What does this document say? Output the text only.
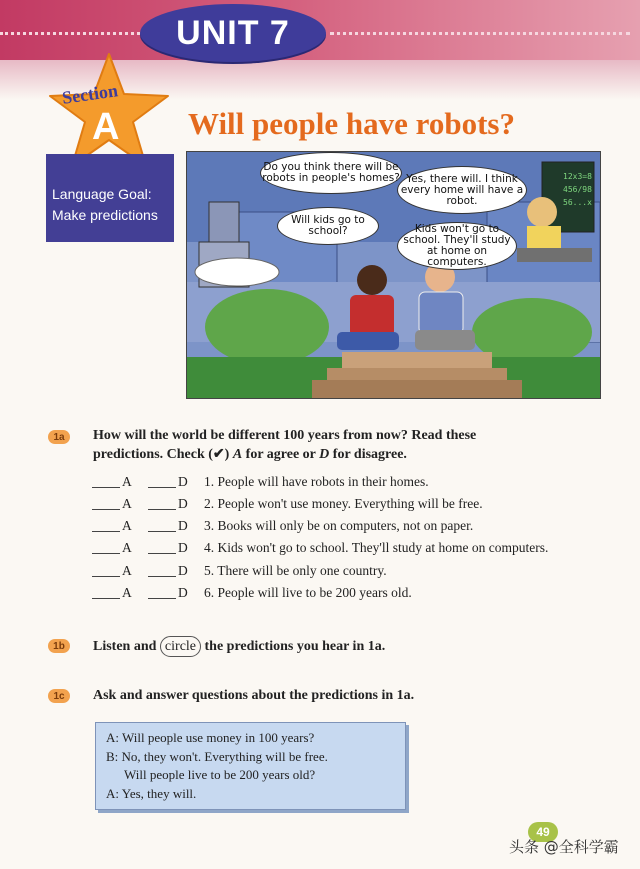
UNIT 7
Section
A Will people have robots?
Language Goal:
Make predictions
Do you think there will be robots in people's homes? Yes, there will. I think every home will have a robot.
Will kids go to school?	Kids won't go to school. They'll study at home on computers.
12x3=8
456/98
56...x
1a	How will the world be different 100 years from now? Read these
predictions. Check (✔) A for agree or D for disagree.
A	D	1. People will have robots in their homes.
A	D	2. People won't use money. Everything will be free.
A	D	3. Books will only be on computers, not on paper.
A	D	4. Kids won't go to school. They'll study at home on computers.
A	D	5. There will be only one country.
A	D	6. People will live to be 200 years old.
1b	Listen and circle the predictions you hear in 1a.
1c	Ask and answer questions about the predictions in 1a.
A: Will people use money in 100 years?
B: No, they won't. Everything will be free.
Will people live to be 200 years old?
A: Yes, they will.
49
头条 @全科学霸
